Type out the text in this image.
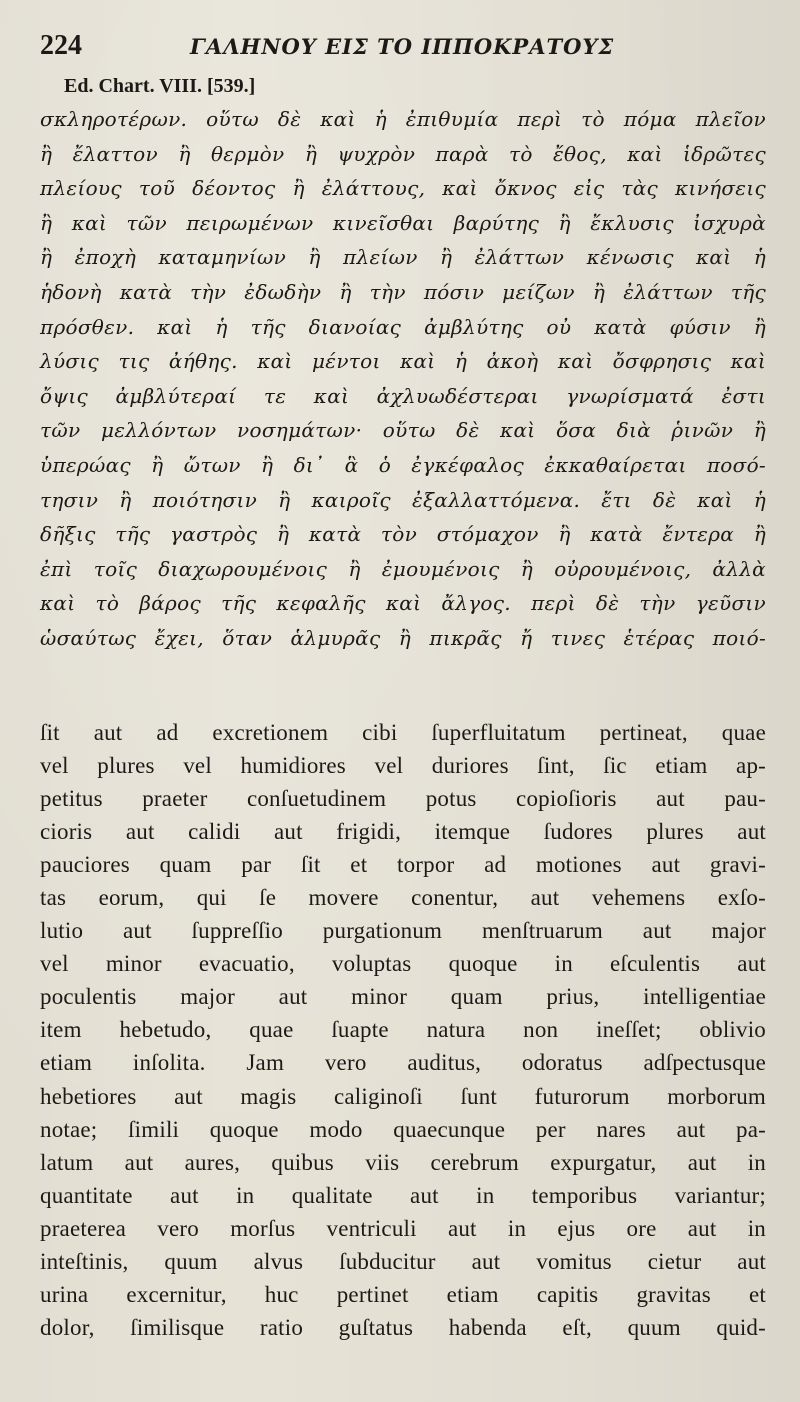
224	ΓΑΛΗΝΟΥ ΕΙΣ ΤΟ ΙΠΠΟΚΡΑΤΟΥΣ
Ed. Chart. VIII. [539.]
σκληροτέρων. οὕτω δὲ καὶ ἡ ἐπιθυμία περὶ τὸ πόμα πλεῖον
ἢ ἔλαττον ἢ θερμὸν ἢ ψυχρὸν παρὰ τὸ ἔθος, καὶ ἱδρῶτες
πλείους τοῦ δέοντος ἢ ἐλάττους, καὶ ὄκνος εἰς τὰς κινήσεις
ἢ καὶ τῶν πειρωμένων κινεῖσθαι βαρύτης ἢ ἔκλυσις ἰσχυρὰ
ἢ ἐποχὴ καταμηνίων ἢ πλείων ἢ ἐλάττων κένωσις καὶ ἡ
ἡδονὴ κατὰ τὴν ἐδωδὴν ἢ τὴν πόσιν μείζων ἢ ἐλάττων τῆς
πρόσθεν. καὶ ἡ τῆς διανοίας ἀμβλύτης οὐ κατὰ φύσιν ἢ
λύσις τις ἀήθης. καὶ μέντοι καὶ ἡ ἀκοὴ καὶ ὄσφρησις καὶ
ὄψις ἀμβλύτεραί τε καὶ ἀχλυωδέστεραι γνωρίσματά ἐστι
τῶν μελλόντων νοσημάτων· οὕτω δὲ καὶ ὅσα διὰ ῥινῶν ἢ
ὑπερώας ἢ ὤτων ἢ δι᾽ ἃ ὁ ἐγκέφαλος ἐκκαθαίρεται ποσό-
τησιν ἢ ποιότησιν ἢ καιροῖς ἐξαλλαττόμενα. ἔτι δὲ καὶ ἡ
δῆξις τῆς γαστρὸς ἢ κατὰ τὸν στόμαχον ἢ κατὰ ἔντερα ἢ
ἐπὶ τοῖς διαχωρουμένοις ἢ ἐμουμένοις ἢ οὐρουμένοις, ἀλλὰ
καὶ τὸ βάρος τῆς κεφαλῆς καὶ ἄλγος. περὶ δὲ τὴν γεῦσιν
ὡσαύτως ἔχει, ὅταν ἁλμυρᾶς ἢ πικρᾶς ἤ τινες ἑτέρας ποιό-
ſit aut ad excretionem cibi ſuperfluitatum pertineat, quae
vel plures vel humidiores vel duriores ſint, ſic etiam ap-
petitus praeter conſuetudinem potus copioſioris aut pau-
cioris aut calidi aut frigidi, itemque ſudores plures aut
pauciores quam par ſit et torpor ad motiones aut gravi-
tas eorum, qui ſe movere conentur, aut vehemens exſo-
lutio aut ſuppreſſio purgationum menſtruarum aut major
vel minor evacuatio, voluptas quoque in eſculentis aut
poculentis major aut minor quam prius, intelligentiae
item hebetudo, quae ſuapte natura non ineſſet; oblivio
etiam inſolita. Jam vero auditus, odoratus adſpectusque
hebetiores aut magis caliginoſi ſunt futurorum morborum
notae; ſimili quoque modo quaecunque per nares aut pa-
latum aut aures, quibus viis cerebrum expurgatur, aut in
quantitate aut in qualitate aut in temporibus variantur;
praeterea vero morſus ventriculi aut in ejus ore aut in
inteſtinis, quum alvus ſubducitur aut vomitus cietur aut
urina excernitur, huc pertinet etiam capitis gravitas et
dolor, ſimilisque ratio guſtatus habenda eſt, quum quid-
